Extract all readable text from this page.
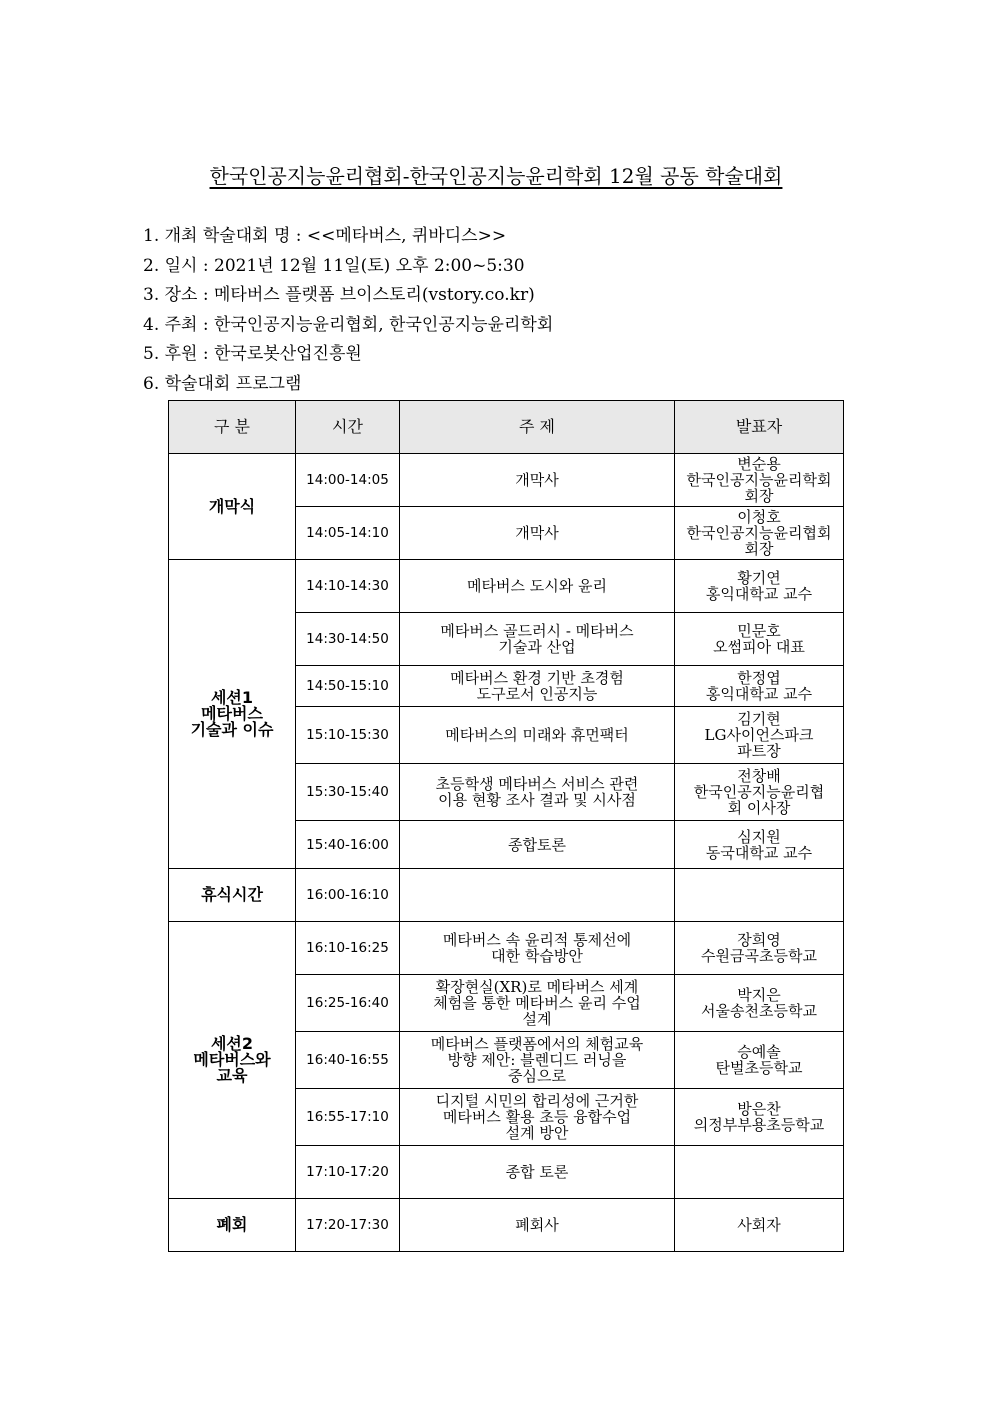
한국인공지능윤리협회-한국인공지능윤리학회 12월 공동 학술대회
1. 개최 학술대회 명 : <<메타버스, 퀴바디스>>
2. 일시 : 2021년 12월 11일(토) 오후 2:00~5:30
3. 장소 : 메타버스 플랫폼 브이스토리(vstory.co.kr)
4. 주최 : 한국인공지능윤리협회, 한국인공지능윤리학회
5. 후원 : 한국로봇산업진흥원
6. 학술대회 프로그램
구 분	시간	주 제	발표자
개막식	14:00-14:05	개막사	변순용
한국인공지능윤리학회
회장
	14:05-14:10	개막사	이청호
한국인공지능윤리협회
회장
세션1
메타버스
기술과 이슈	14:10-14:30	메타버스 도시와 윤리	황기연
홍익대학교 교수
	14:30-14:50	메타버스 골드러시 - 메타버스
기술과 산업	민문호
오썸피아 대표
	14:50-15:10	메타버스 환경 기반 초경험
도구로서 인공지능	한정엽
홍익대학교 교수
	15:10-15:30	메타버스의 미래와 휴먼팩터	김기현
LG사이언스파크
파트장
	15:30-15:40	초등학생 메타버스 서비스 관련
이용 현황 조사 결과 및 시사점	전창배
한국인공지능윤리협
회 이사장
	15:40-16:00	종합토론	심지원
동국대학교 교수
휴식시간	16:00-16:10		
세션2
메타버스와
교육	16:10-16:25	메타버스 속 윤리적 통제선에
대한 학습방안	장희영
수원금곡초등학교
	16:25-16:40	확장현실(XR)로 메타버스 세계
체험을 통한 메타버스 윤리 수업
설계	박지은
서울송천초등학교
	16:40-16:55	메타버스 플랫폼에서의 체험교육
방향 제안: 블렌디드 러닝을
중심으로	승예솔
탄벌초등학교
	16:55-17:10	디지털 시민의 합리성에 근거한
메타버스 활용 초등 융합수업
설계 방안	방은찬
의정부부용초등학교
	17:10-17:20	종합 토론	
폐회	17:20-17:30	폐회사	사회자
